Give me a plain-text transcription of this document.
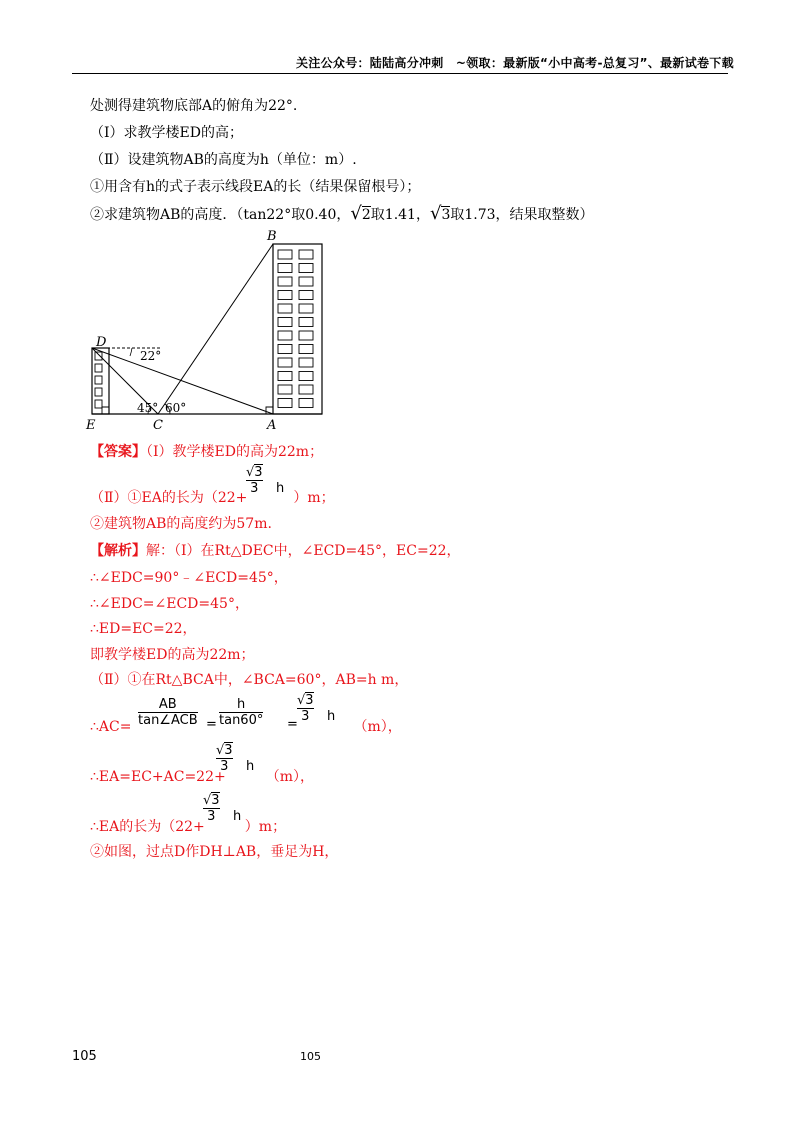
关注公众号：陆陆高分冲刺　~领取：最新版“小中高考-总复习”、最新试卷下载
处测得建筑物底部A的俯角为22°.
（Ⅰ）求教学楼ED的高；
（Ⅱ）设建筑物AB的高度为h（单位：m）.
①用含有h的式子表示线段EA的长（结果保留根号）；
②求建筑物AB的高度．（tan22°取0.40，√2取1.41，√3取1.73，结果取整数）
B
D
E	C	A
22°
45° 60°
【答案】（Ⅰ）教学楼ED的高为22m；
（Ⅱ）①EA的长为（22+	）m；
√3
3	h
②建筑物AB的高度约为57m.
【解析】解：（Ⅰ）在Rt△DEC中，∠ECD=45°，EC=22，
∴∠EDC=90°﹣∠ECD=45°，
∴∠EDC=∠ECD=45°，
∴ED=EC=22，
即教学楼ED的高为22m；
（Ⅱ）①在Rt△BCA中，∠BCA=60°，AB=h m，
∴AC=	（m），
AB
tan∠ACB =
h
tan60° =
√3
3	h
∴EA=EC+AC=22+	（m），
√3
3	h
∴EA的长为（22+	）m；
√3
3	h
②如图，过点D作DH⊥AB，垂足为H，
105	105
